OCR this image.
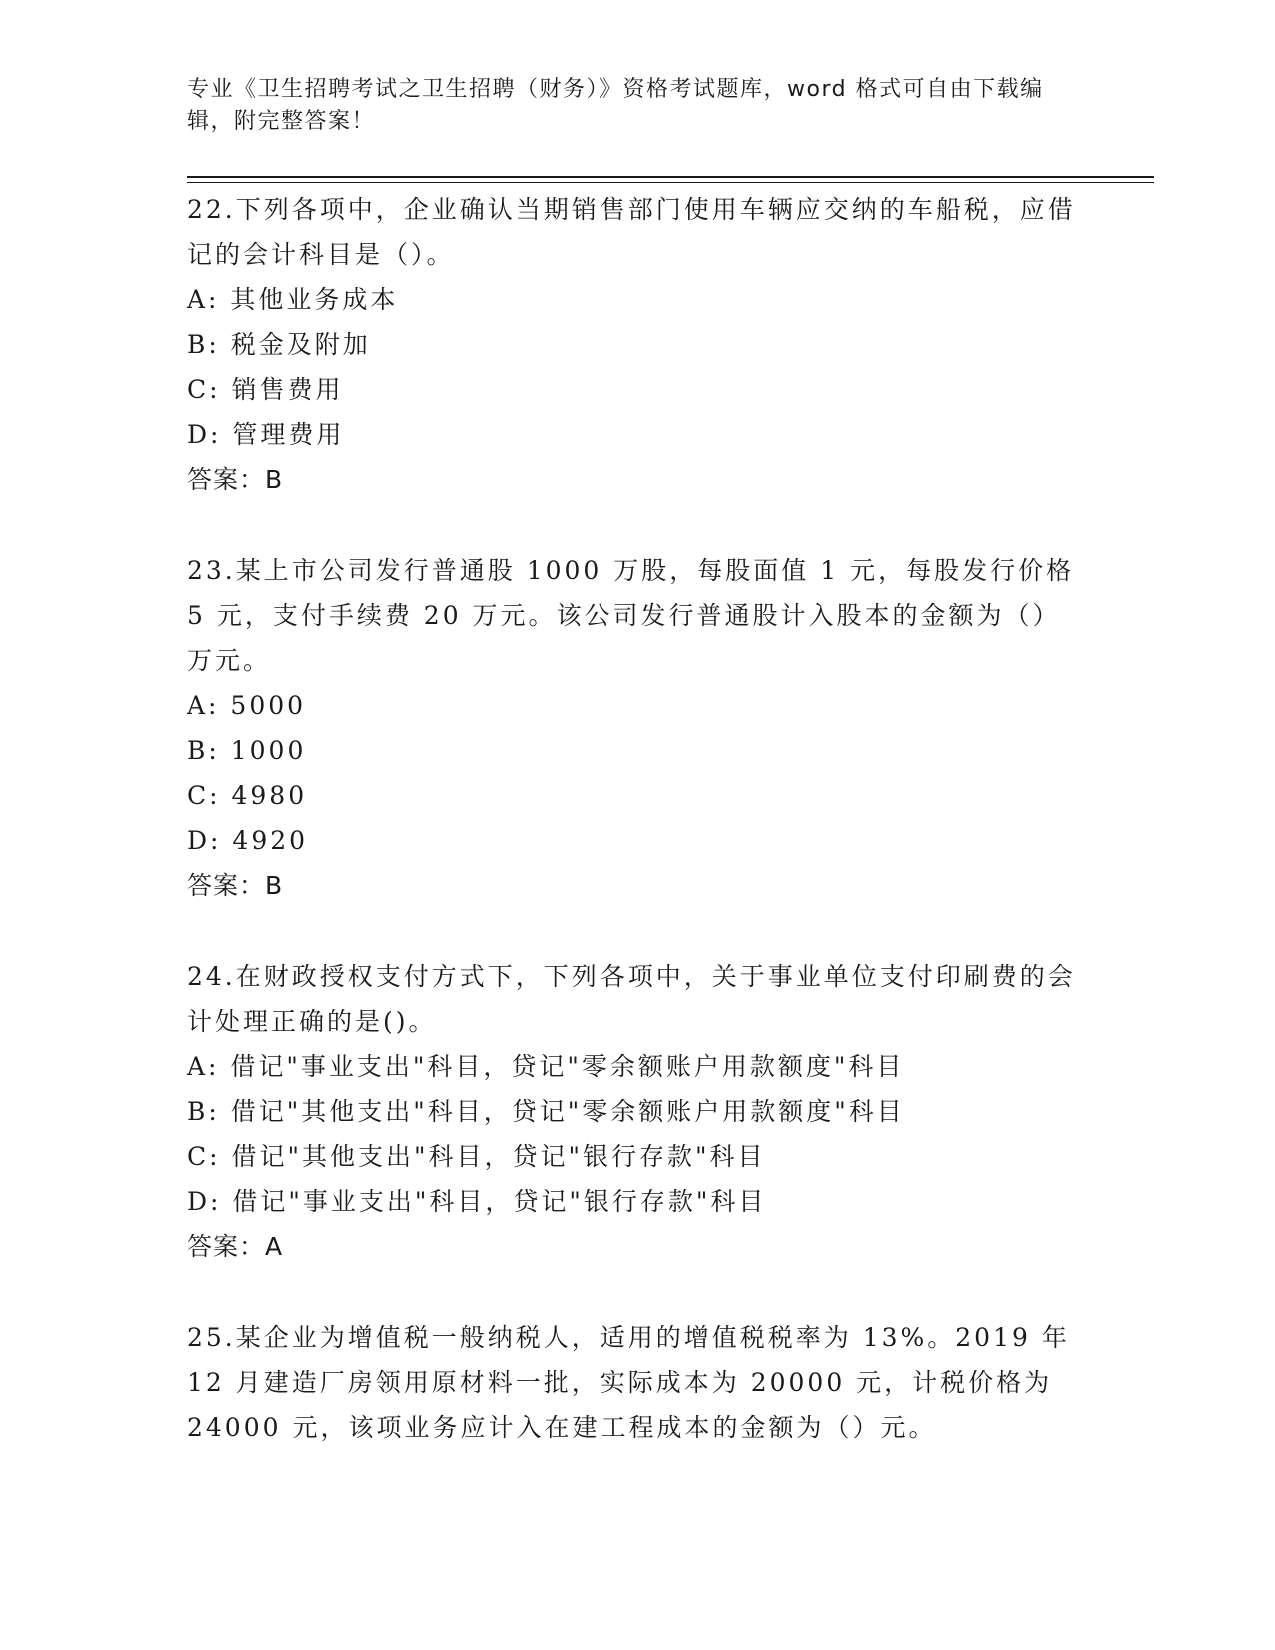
专业《卫生招聘考试之卫生招聘（财务）》资格考试题库，word 格式可自由下载编辑，附完整答案！
22.下列各项中，企业确认当期销售部门使用车辆应交纳的车船税，应借记的会计科目是（）。
A: 其他业务成本
B: 税金及附加
C: 销售费用
D: 管理费用
答案：B
23.某上市公司发行普通股 1000 万股，每股面值 1 元，每股发行价格 5 元，支付手续费 20 万元。该公司发行普通股计入股本的金额为（）万元。
A: 5000
B: 1000
C: 4980
D: 4920
答案：B
24.在财政授权支付方式下，下列各项中，关于事业单位支付印刷费的会计处理正确的是()。
A: 借记"事业支出"科目，贷记"零余额账户用款额度"科目
B: 借记"其他支出"科目，贷记"零余额账户用款额度"科目
C: 借记"其他支出"科目，贷记"银行存款"科目
D: 借记"事业支出"科目，贷记"银行存款"科目
答案：A
25.某企业为增值税一般纳税人，适用的增值税税率为 13%。2019 年 12 月建造厂房领用原材料一批，实际成本为 20000 元，计税价格为 24000 元，该项业务应计入在建工程成本的金额为（）元。
